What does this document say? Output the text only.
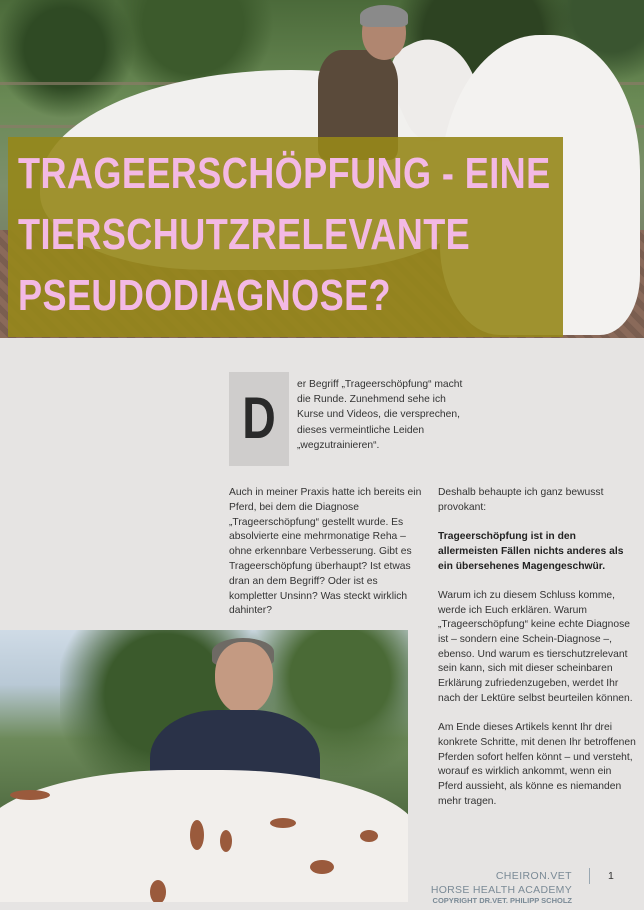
TRAGEERSCHÖPFUNG - EINE
TIERSCHUTZRELEVANTE
PSEUDODIAGNOSE?
D

er Begriff „Trageerschöpfung“ macht die Runde. Zunehmend sehe ich Kurse und Videos, die versprechen, dieses vermeintliche Leiden „wegzutrainieren“.

Auch in meiner Praxis hatte ich bereits ein Pferd, bei dem die Diagnose „Trageerschöpfung“ gestellt wurde. Es absolvierte eine mehrmonatige Reha – ohne erkennbare Verbesserung. Gibt es Trageerschöpfung überhaupt? Ist etwas dran an dem Begriff? Oder ist es kompletter Unsinn? Was steckt wirklich dahinter?

Deshalb behaupte ich ganz bewusst provokant:

Trageerschöpfung ist in den allermeisten Fällen nichts anderes als ein übersehenes Magengeschwür.

Warum ich zu diesem Schluss komme, werde ich Euch erklären. Warum „Trageerschöpfung“ keine echte Diagnose ist – sondern eine Schein-Diagnose –, ebenso. Und warum es tierschutzrelevant sein kann, sich mit dieser scheinbaren Erklärung zufriedenzugeben, werdet Ihr nach der Lektüre selbst beurteilen können.

Am Ende dieses Artikels kennt Ihr drei konkrete Schritte, mit denen Ihr betroffenen Pferden sofort helfen könnt – und versteht, worauf es wirklich ankommt, wenn ein Pferd aussieht, als könne es niemanden mehr tragen.

CHEIRON.VET
HORSE HEALTH ACADEMY
COPYRIGHT DR.VET. PHILIPP SCHOLZ
1
